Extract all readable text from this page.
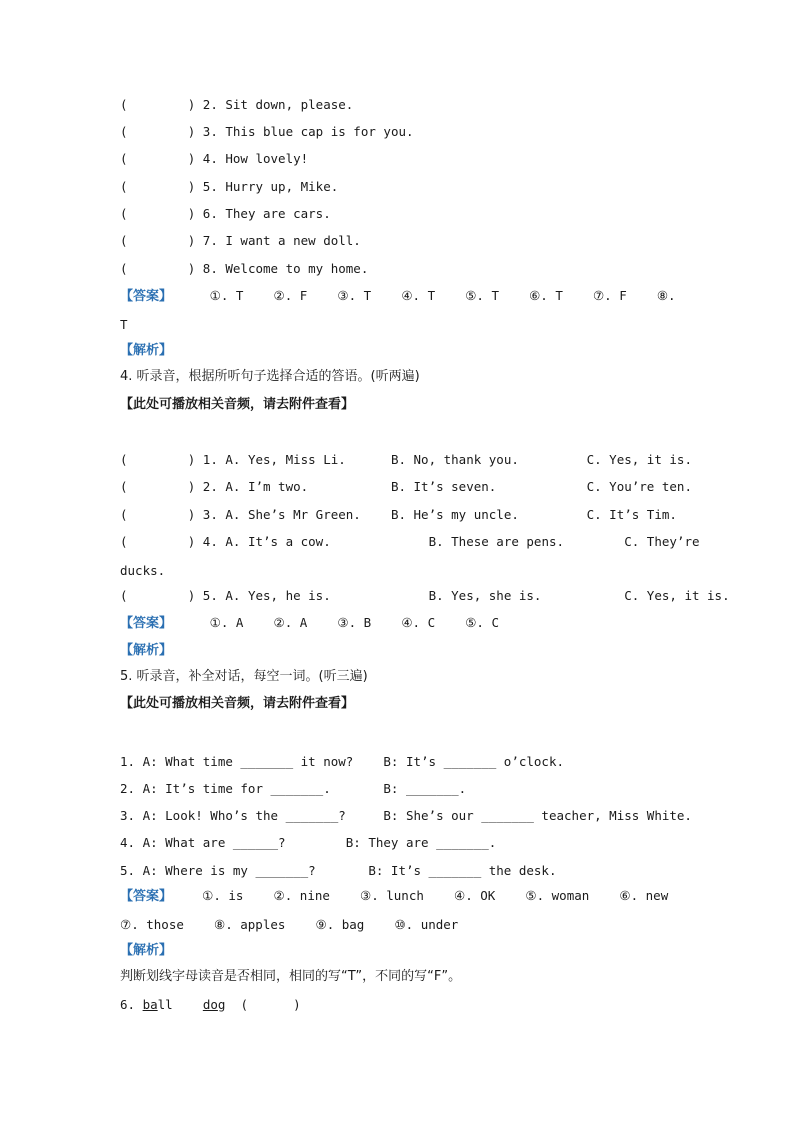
(        ) 2. Sit down, please.
(        ) 3. This blue cap is for you.
(        ) 4. How lovely!
(        ) 5. Hurry up, Mike.
(        ) 6. They are cars.
(        ) 7. I want a new doll.
(        ) 8. Welcome to my home.
【答案】	①. T    ②. F    ③. T    ④. T    ⑤. T    ⑥. T    ⑦. F    ⑧.
T
【解析】
4. 听录音，根据所听句子选择合适的答语。(听两遍)
【此处可播放相关音频，请去附件查看】
(        ) 1. A. Yes, Miss Li.      B. No, thank you.         C. Yes, it is.
(        ) 2. A. I’m two.           B. It’s seven.            C. You’re ten.
(        ) 3. A. She’s Mr Green.    B. He’s my uncle.         C. It’s Tim.
(        ) 4. A. It’s a cow.             B. These are pens.        C. They’re
ducks.
(        ) 5. A. Yes, he is.             B. Yes, she is.           C. Yes, it is.
【答案】	①. A    ②. A    ③. B    ④. C    ⑤. C
【解析】
5. 听录音，补全对话，每空一词。(听三遍)
【此处可播放相关音频，请去附件查看】
1. A: What time _______ it now?    B: It’s _______ o’clock.
2. A: It’s time for _______.       B: _______.
3. A: Look! Who’s the _______?     B: She’s our _______ teacher, Miss White.
4. A: What are ______?        B: They are _______.
5. A: Where is my _______?       B: It’s _______ the desk.
【答案】 ①. is    ②. nine    ③. lunch    ④. OK    ⑤. woman    ⑥. new
⑦. those    ⑧. apples    ⑨. bag    ⑩. under
【解析】
判断划线字母读音是否相同，相同的写“T”，不同的写“F”。
6. ball dog (      )
